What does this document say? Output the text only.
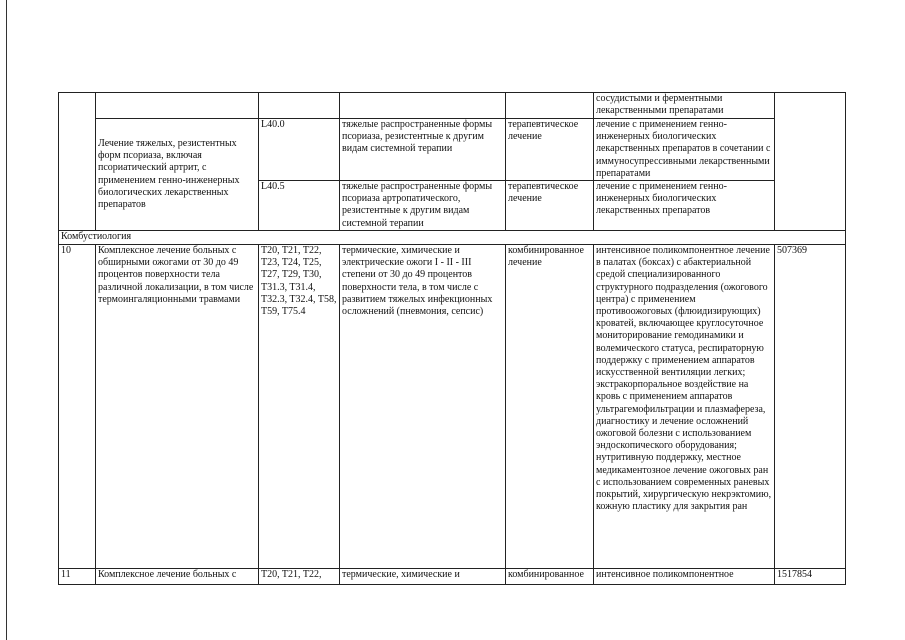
					сосудистыми и ферментными лекарственными препаратами	

	Лечение тяжелых, резистентных форм псориаза, включая псориатический артрит, с применением генно-инженерных биологических лекарственных препаратов	L40.0	тяжелые распространенные формы псориаза, резистентные к другим видам системной терапии	терапевтическое лечение	лечение с применением генно-инженерных биологических лекарственных препаратов в сочетании с иммуносупрессивными лекарственными препаратами	
		L40.5	тяжелые распространенные формы псориаза артропатического, резистентные к другим видам системной терапии	терапевтическое лечение	лечение с применением генно-инженерных биологических лекарственных препаратов	
Комбустиология						
10	Комплексное лечение больных с обширными ожогами от 30 до 49 процентов поверхности тела различной локализации, в том числе термоингаляционными травмами	T20, T21, T22, T23, T24, T25, T27, T29, T30, T31.3, T31.4, T32.3, T32.4, T58, T59, T75.4	термические, химические и электрические ожоги I - II - III степени от 30 до 49 процентов поверхности тела, в том числе с развитием тяжелых инфекционных осложнений (пневмония, сепсис)	комбинированное лечение	интенсивное поликомпонентное лечение в палатах (боксах) с абактериальной средой специализированного структурного подразделения (ожогового центра) с применением противоожоговых (флюидизирующих) кроватей, включающее круглосуточное мониторирование гемодинамики и волемического статуса, респираторную поддержку с применением аппаратов искусственной вентиляции легких; экстракорпоральное воздействие на кровь с применением аппаратов ультрагемофильтрации и плазмафереза, диагностику и лечение осложнений ожоговой болезни с использованием эндоскопического оборудования; нутритивную поддержку, местное медикаментозное лечение ожоговых ран с использованием современных раневых покрытий, хирургическую некрэктомию, кожную пластику для закрытия ран	507369
11	Комплексное лечение больных с	T20, T21, T22,	термические, химические и	комбинированное	интенсивное поликомпонентное	1517854
